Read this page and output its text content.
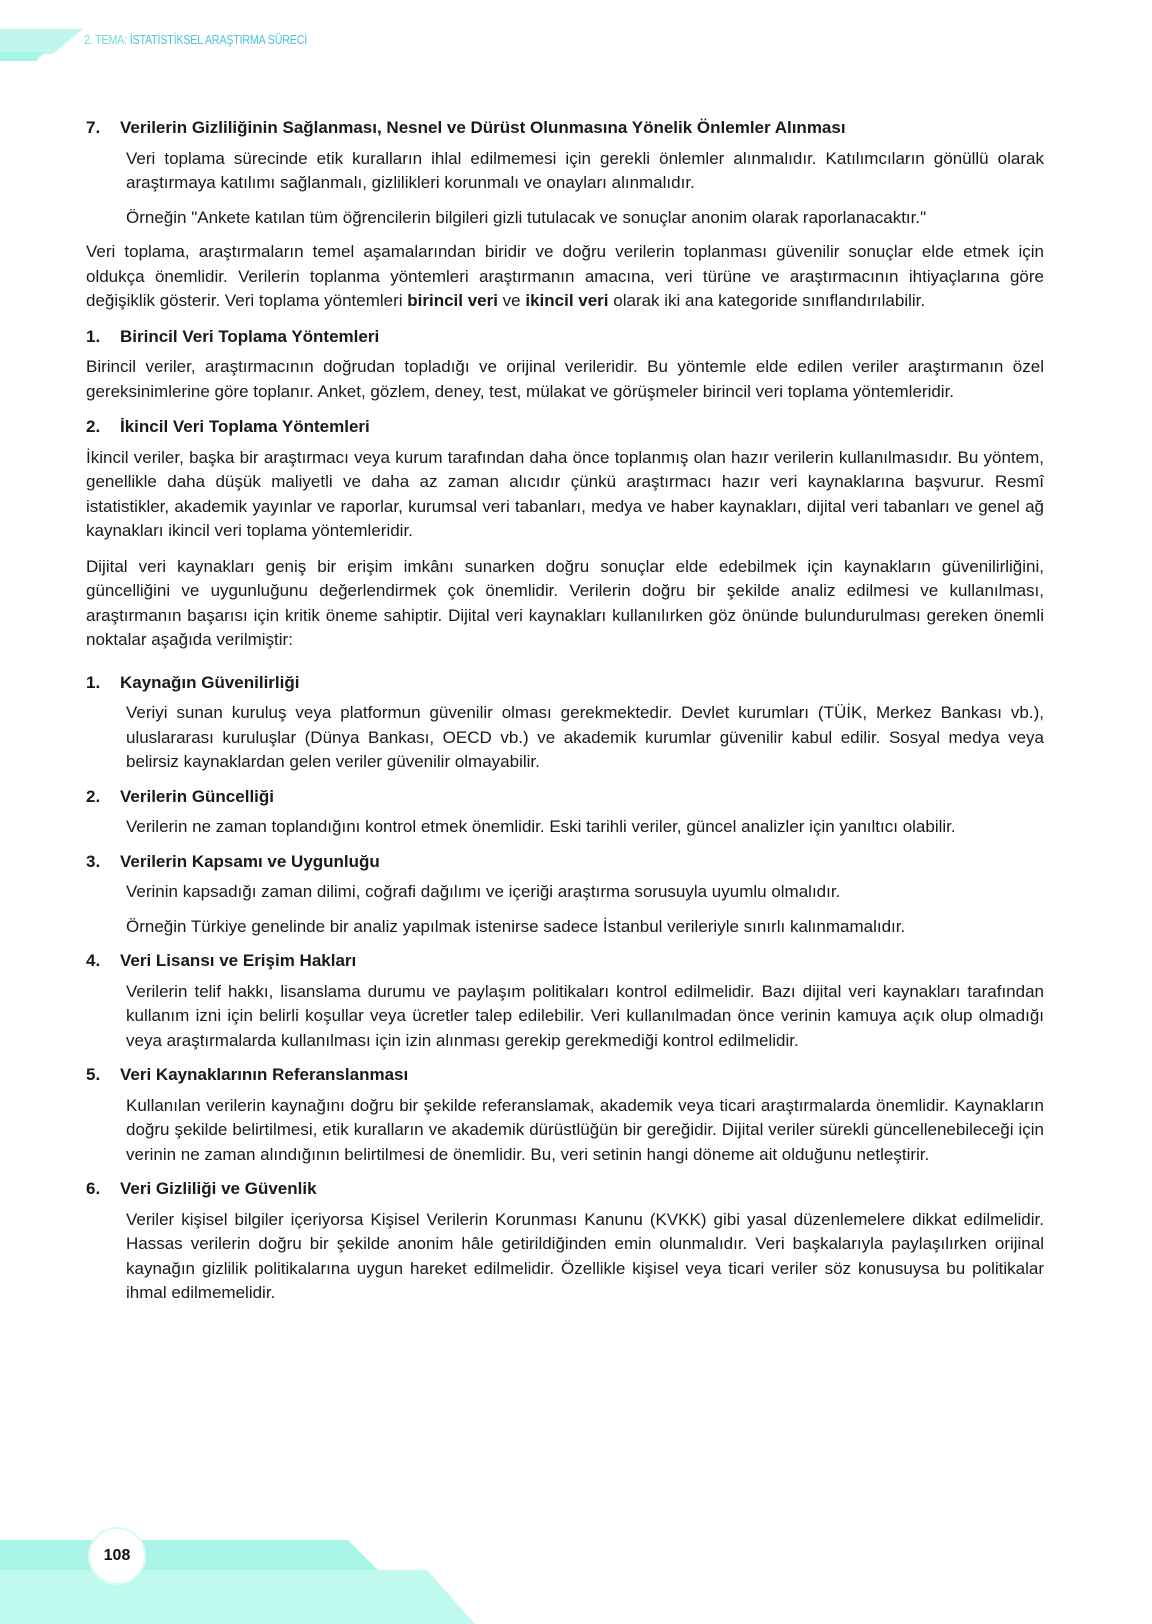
2. TEMA: İSTATİSTİKSEL ARAŞTIRMA SÜRECİ

7.	Verilerin Gizliliğinin Sağlanması, Nesnel ve Dürüst Olunmasına Yönelik Önlemler Alınması

Veri toplama sürecinde etik kuralların ihlal edilmemesi için gerekli önlemler alınmalıdır. Katılımcıların gönüllü olarak araştırmaya katılımı sağlanmalı, gizlilikleri korunmalı ve onayları alınmalıdır.

Örneğin "Ankete katılan tüm öğrencilerin bilgileri gizli tutulacak ve sonuçlar anonim olarak raporlanacaktır."

Veri toplama, araştırmaların temel aşamalarından biridir ve doğru verilerin toplanması güvenilir sonuçlar elde etmek için oldukça önemlidir. Verilerin toplanma yöntemleri araştırmanın amacına, veri türüne ve araştırmacının ihtiyaçlarına göre değişiklik gösterir. Veri toplama yöntemleri birincil veri ve ikincil veri olarak iki ana kategoride sınıflandırılabilir.

1.	Birincil Veri Toplama Yöntemleri

Birincil veriler, araştırmacının doğrudan topladığı ve orijinal verileridir. Bu yöntemle elde edilen veriler araştırmanın özel gereksinimlerine göre toplanır. Anket, gözlem, deney, test, mülakat ve görüşmeler birincil veri toplama yöntemleridir.

2.	İkincil Veri Toplama Yöntemleri

İkincil veriler, başka bir araştırmacı veya kurum tarafından daha önce toplanmış olan hazır verilerin kullanılmasıdır. Bu yöntem, genellikle daha düşük maliyetli ve daha az zaman alıcıdır çünkü araştırmacı hazır veri kaynaklarına başvurur. Resmî istatistikler, akademik yayınlar ve raporlar, kurumsal veri tabanları, medya ve haber kaynakları, dijital veri tabanları ve genel ağ kaynakları ikincil veri toplama yöntemleridir.

Dijital veri kaynakları geniş bir erişim imkânı sunarken doğru sonuçlar elde edebilmek için kaynakların güvenilirliğini, güncelliğini ve uygunluğunu değerlendirmek çok önemlidir. Verilerin doğru bir şekilde analiz edilmesi ve kullanılması, araştırmanın başarısı için kritik öneme sahiptir. Dijital veri kaynakları kullanılırken göz önünde bulundurulması gereken önemli noktalar aşağıda verilmiştir:

1.	Kaynağın Güvenilirliği

Veriyi sunan kuruluş veya platformun güvenilir olması gerekmektedir. Devlet kurumları (TÜİK, Merkez Bankası vb.), uluslararası kuruluşlar (Dünya Bankası, OECD vb.) ve akademik kurumlar güvenilir kabul edilir. Sosyal medya veya belirsiz kaynaklardan gelen veriler güvenilir olmayabilir.

2.	Verilerin Güncelliği

Verilerin ne zaman toplandığını kontrol etmek önemlidir. Eski tarihli veriler, güncel analizler için yanıltıcı olabilir.

3.	Verilerin Kapsamı ve Uygunluğu

Verinin kapsadığı zaman dilimi, coğrafi dağılımı ve içeriği araştırma sorusuyla uyumlu olmalıdır.

Örneğin Türkiye genelinde bir analiz yapılmak istenirse sadece İstanbul verileriyle sınırlı kalınmamalıdır.

4.	Veri Lisansı ve Erişim Hakları

Verilerin telif hakkı, lisanslama durumu ve paylaşım politikaları kontrol edilmelidir. Bazı dijital veri kaynakları tarafından kullanım izni için belirli koşullar veya ücretler talep edilebilir. Veri kullanılmadan önce verinin kamuya açık olup olmadığı veya araştırmalarda kullanılması için izin alınması gerekip gerekmediği kontrol edilmelidir.

5.	Veri Kaynaklarının Referanslanması

Kullanılan verilerin kaynağını doğru bir şekilde referanslamak, akademik veya ticari araştırmalarda önemlidir. Kaynakların doğru şekilde belirtilmesi, etik kuralların ve akademik dürüstlüğün bir gereğidir. Dijital veriler sürekli güncellenebileceği için verinin ne zaman alındığının belirtilmesi de önemlidir. Bu, veri setinin hangi döneme ait olduğunu netleştirir.

6.	Veri Gizliliği ve Güvenlik

Veriler kişisel bilgiler içeriyorsa Kişisel Verilerin Korunması Kanunu (KVKK) gibi yasal düzenlemelere dikkat edilmelidir. Hassas verilerin doğru bir şekilde anonim hâle getirildiğinden emin olunmalıdır. Veri başkalarıyla paylaşılırken orijinal kaynağın gizlilik politikalarına uygun hareket edilmelidir. Özellikle kişisel veya ticari veriler söz konusuysa bu politikalar ihmal edilmemelidir.

108
